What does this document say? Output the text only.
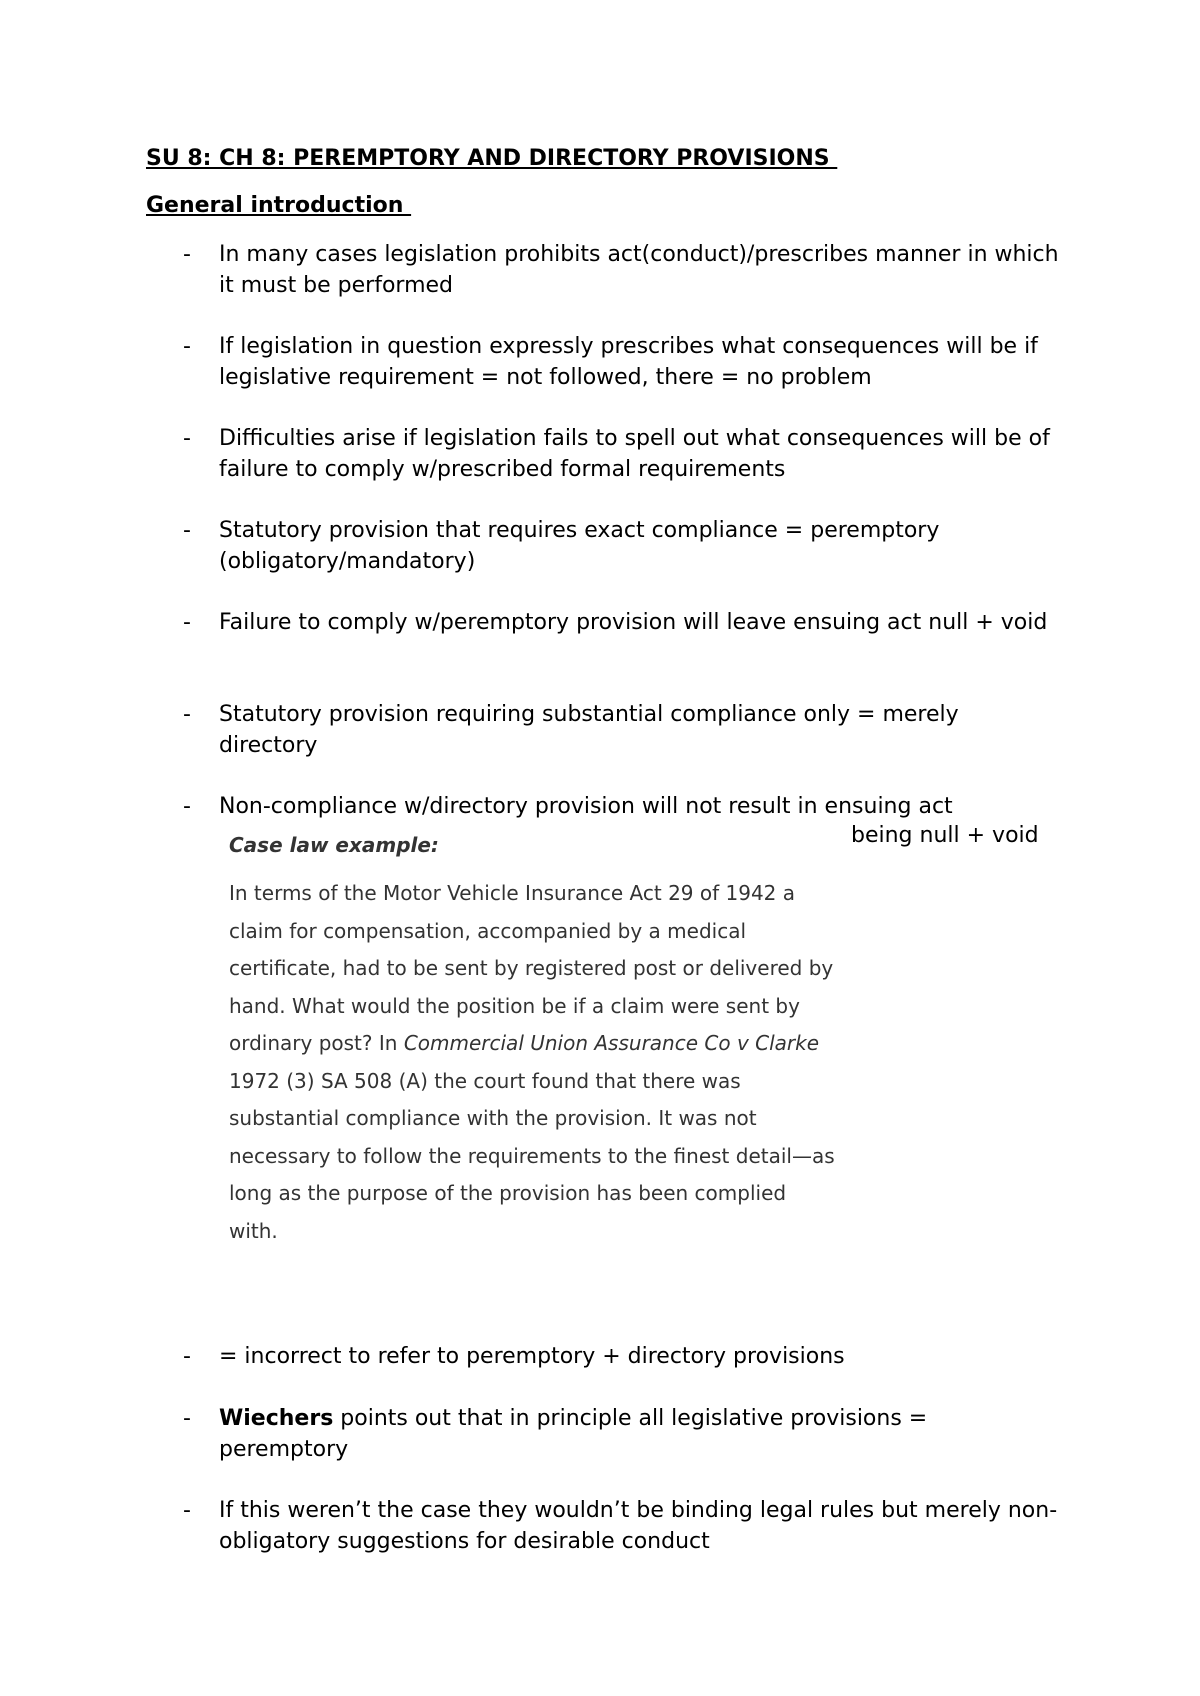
SU 8: CH 8: PEREMPTORY AND DIRECTORY PROVISIONS
General introduction
- In many cases legislation prohibits act(conduct)/prescribes manner in which it must be performed
- If legislation in question expressly prescribes what consequences will be if legislative requirement = not followed, there = no problem
- Difficulties arise if legislation fails to spell out what consequences will be of failure to comply w/prescribed formal requirements
- Statutory provision that requires exact compliance = peremptory (obligatory/mandatory)
- Failure to comply w/peremptory provision will leave ensuing act null + void
- Statutory provision requiring substantial compliance only = merely directory
- Non-compliance w/directory provision will not result in ensuing act
being null + void
Case law example:
In terms of the Motor Vehicle Insurance Act 29 of 1942 a claim for compensation, accompanied by a medical certificate, had to be sent by registered post or delivered by hand. What would the position be if a claim were sent by ordinary post? In Commercial Union Assurance Co v Clarke 1972 (3) SA 508 (A) the court found that there was substantial compliance with the provision. It was not necessary to follow the requirements to the finest detail—as long as the purpose of the provision has been complied with.
- = incorrect to refer to peremptory + directory provisions
- Wiechers points out that in principle all legislative provisions = peremptory
- If this weren’t the case they wouldn’t be binding legal rules but merely non-obligatory suggestions for desirable conduct
